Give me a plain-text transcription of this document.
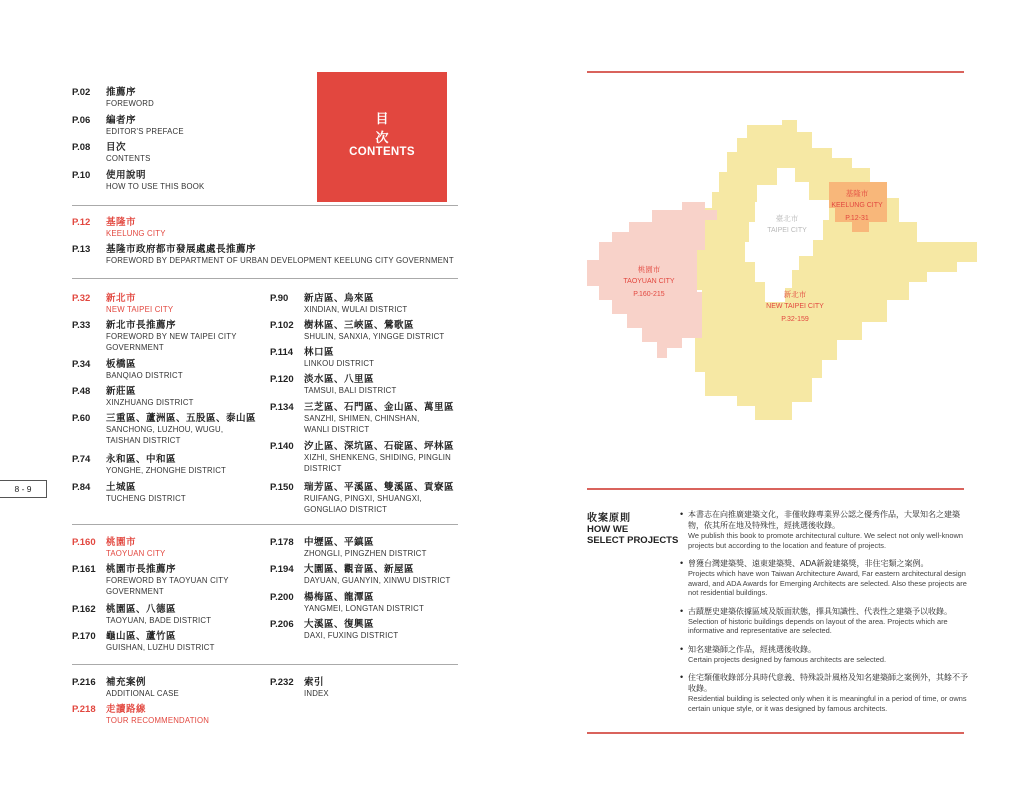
8 - 9
目次
CONTENTS
P.02	推薦序
FOREWORD
P.06	編者序
EDITOR'S PREFACE
P.08	目次
CONTENTS
P.10	使用說明
HOW TO USE THIS BOOK
P.12	基隆市
KEELUNG CITY
P.13	基隆市政府都市發展處處長推薦序
FOREWORD BY DEPARTMENT OF URBAN DEVELOPMENT KEELUNG CITY GOVERNMENT
P.32	新北市
NEW TAIPEI CITY
P.33	新北市長推薦序
FOREWORD BY NEW TAIPEI CITY
GOVERNMENT
P.34	板橋區
BANQIAO DISTRICT
P.48	新莊區
XINZHUANG DISTRICT
P.60	三重區、蘆洲區、五股區、泰山區
SANCHONG, LUZHOU, WUGU,
TAISHAN DISTRICT
P.74	永和區、中和區
YONGHE, ZHONGHE DISTRICT
P.84	土城區
TUCHENG DISTRICT
P.90	新店區、烏來區
XINDIAN, WULAI DISTRICT
P.102	樹林區、三峽區、鶯歌區
SHULIN, SANXIA, YINGGE DISTRICT
P.114	林口區
LINKOU DISTRICT
P.120	淡水區、八里區
TAMSUI, BALI DISTRICT
P.134	三芝區、石門區、金山區、萬里區
SANZHI, SHIMEN, CHINSHAN,
WANLI DISTRICT
P.140	汐止區、深坑區、石碇區、坪林區
XIZHI, SHENKENG, SHIDING, PINGLIN
DISTRICT
P.150	瑞芳區、平溪區、雙溪區、貢寮區
RUIFANG, PINGXI, SHUANGXI,
GONGLIAO DISTRICT
P.160	桃園市
TAOYUAN CITY
P.161	桃園市長推薦序
FOREWORD BY TAOYUAN CITY
GOVERNMENT
P.162	桃園區、八德區
TAOYUAN, BADE DISTRICT
P.170	龜山區、蘆竹區
GUISHAN, LUZHU DISTRICT
P.178	中壢區、平鎮區
ZHONGLI, PINGZHEN DISTRICT
P.194	大園區、觀音區、新屋區
DAYUAN, GUANYIN, XINWU DISTRICT
P.200	楊梅區、龍潭區
YANGMEI, LONGTAN DISTRICT
P.206	大溪區、復興區
DAXI, FUXING DISTRICT
P.216	補充案例
ADDITIONAL CASE
P.218	走讀路線
TOUR RECOMMENDATION
P.232	索引
INDEX
基隆市
KEELUNG CITY
P.12-31
臺北市
TAIPEI CITY
桃園市
TAOYUAN CITY
P.160-215	新北市
NEW TAIPEI CITY
P.32-159
收案原則
HOW WE
SELECT PROJECTS
• 本書志在向推廣建築文化，非僅收錄專業界公認之優秀作品，大眾知名之建築物，依其所在地及特殊性，經挑選後收錄。
We publish this book to promote architectural culture. We select not only well-known projects but according to the location and feature of projects.
• 曾獲台灣建築獎、遠東建築獎、ADA新銳建築獎，非住宅類之案例。
Projects which have won Taiwan Architecture Award, Far eastern architectural design award, and ADA Awards for Emerging Architects are selected. Also these projects are not residential buildings.
• 古蹟歷史建築依據區域及版面狀態，擇具知識性、代表性之建築予以收錄。
Selection of historic buildings depends on layout of the area. Projects which are informative and representative are selected.
• 知名建築師之作品，經挑選後收錄。
Certain projects designed by famous architects are selected.
• 住宅類僅收錄部分具時代意義、特殊設計風格及知名建築師之案例外，其餘不予收錄。
Residential building is selected only when it is meaningful in a period of time, or owns certain unique style, or it was designed by famous architects.
